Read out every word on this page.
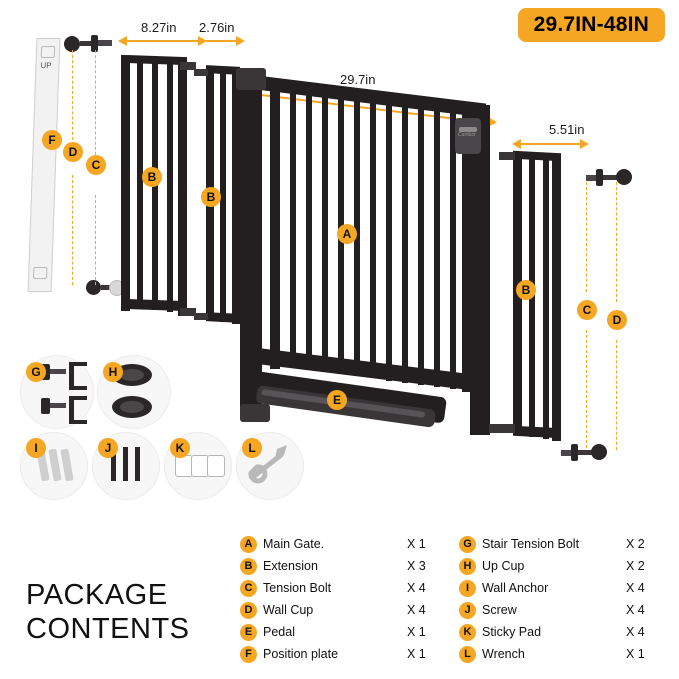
29.7IN-48IN
8.27in 2.76in
29.7in
5.51in
UP
Cumbor
F
D
C
B
B
A
B
C
D
E
G	H
I	J	K	L
PACKAGE
CONTENTS
A Main Gate.	X 1	G Stair Tension Bolt	X 2
B Extension	X 3	H Up Cup	X 2
C Tension Bolt	X 4	I	Wall Anchor	X 4
D Wall Cup	X 4	J Screw	X 4
E Pedal	X 1	K Sticky Pad	X 4
F Position plate	X 1	L Wrench	X 1
